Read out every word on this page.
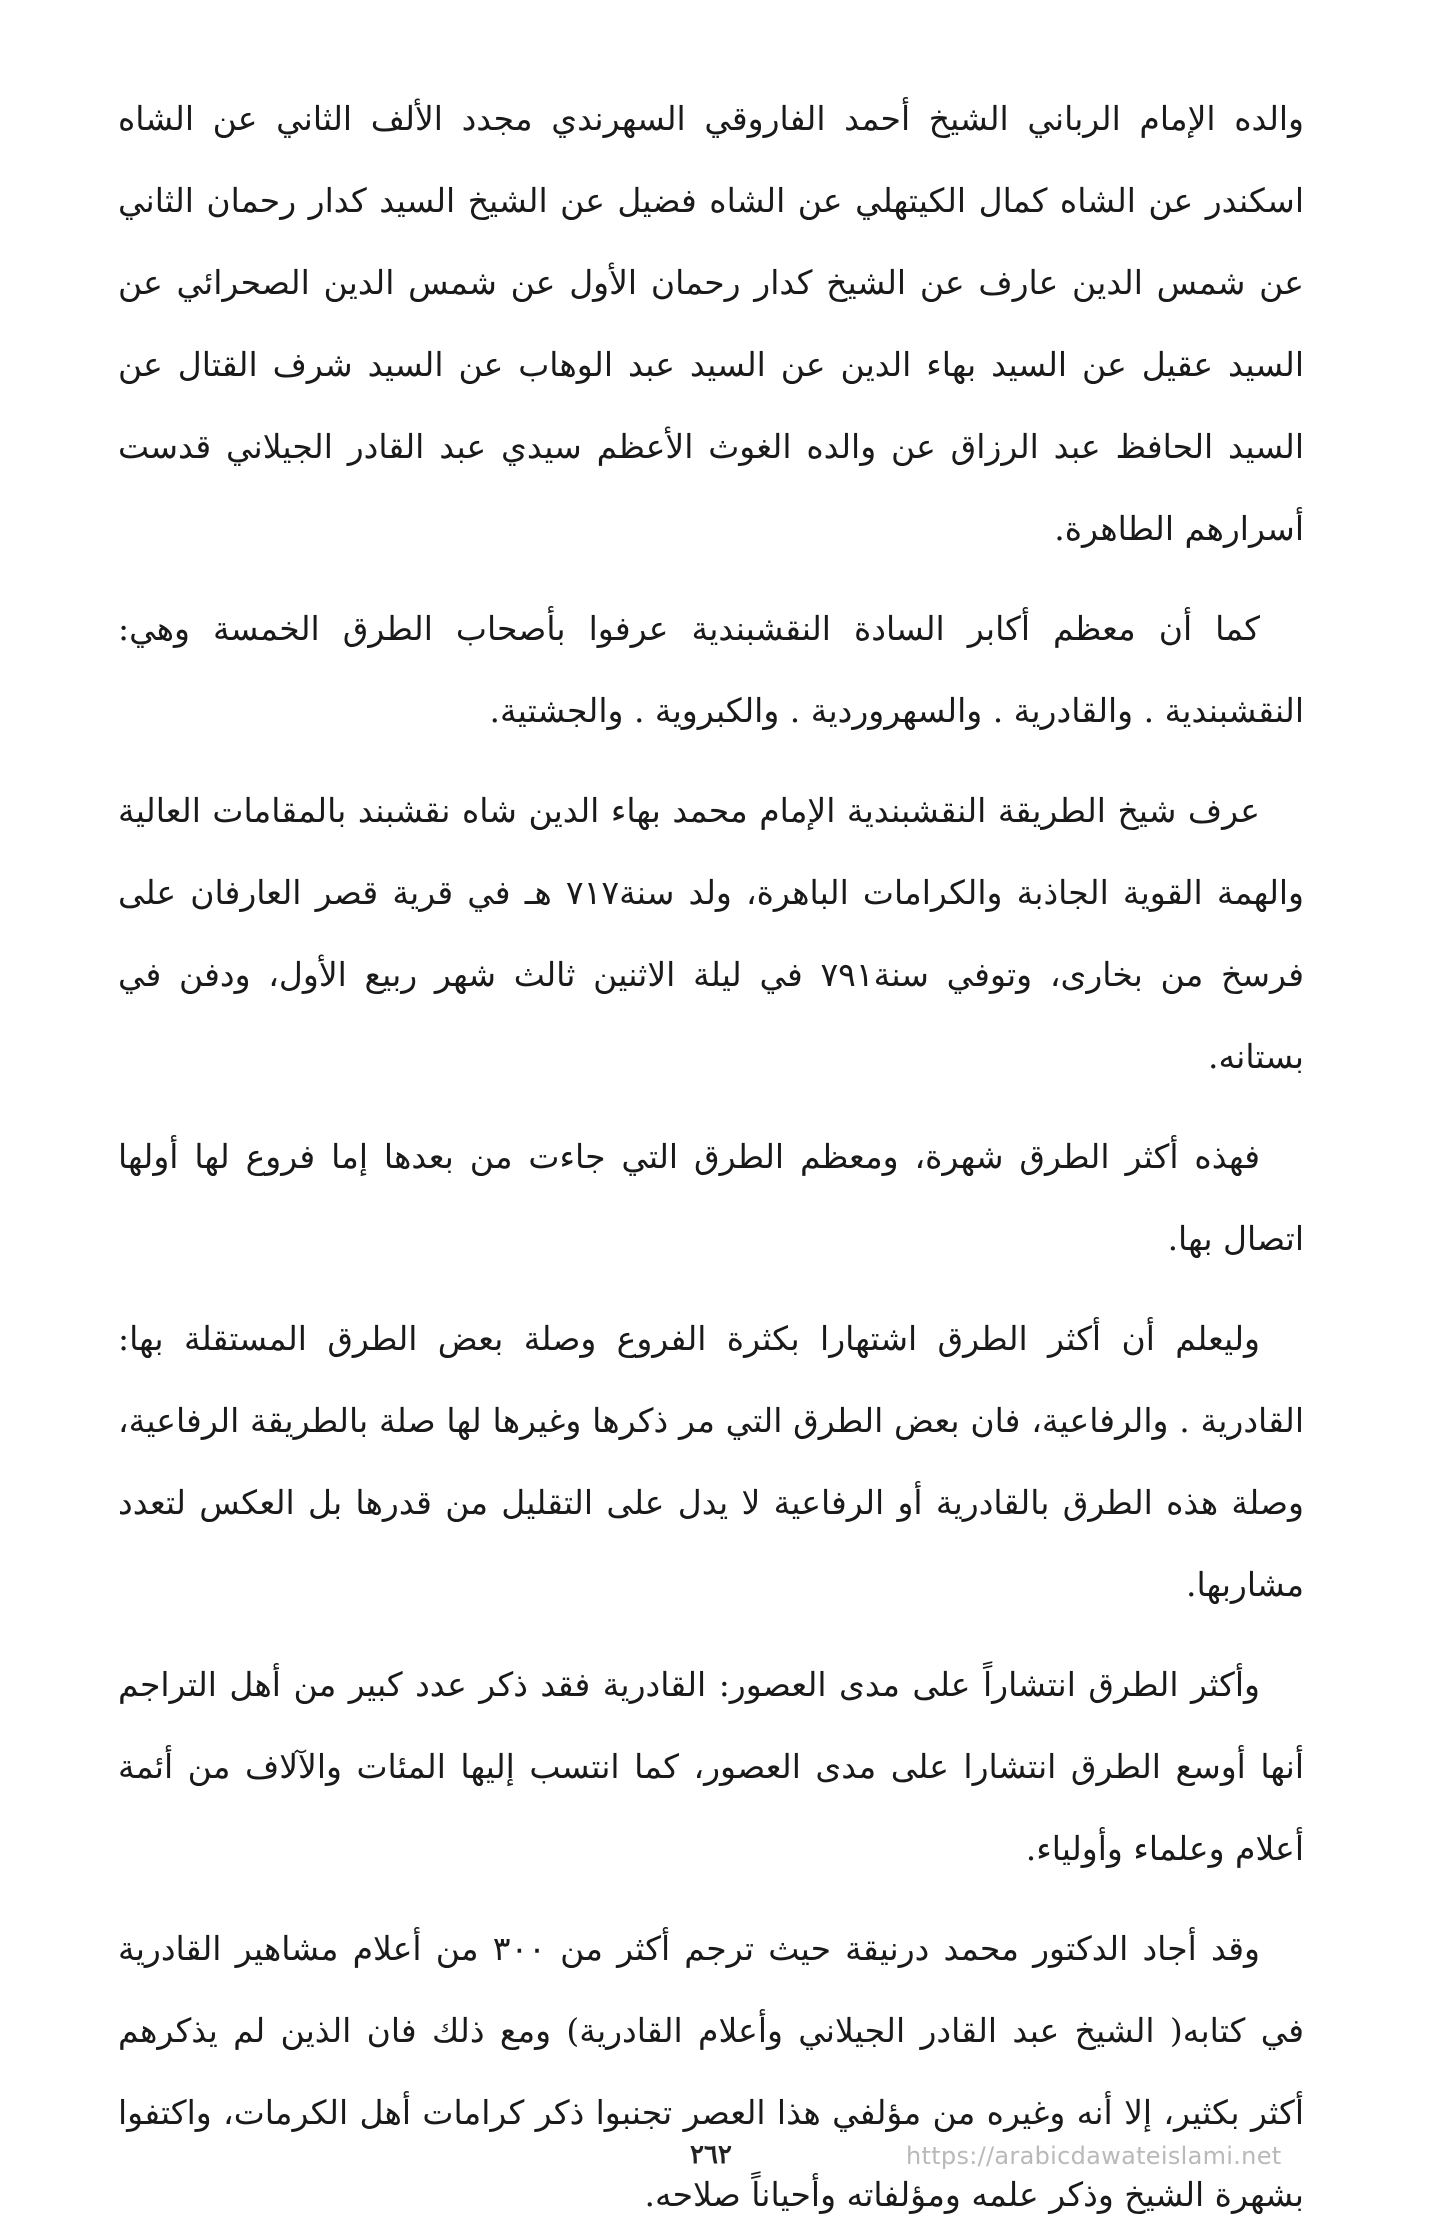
والده الإمام الرباني الشيخ أحمد الفاروقي السهرندي مجدد الألف الثاني عن الشاه اسكندر عن الشاه كمال الكيتهلي عن الشاه فضيل عن الشيخ السيد كدار رحمان الثاني عن شمس الدين عارف عن الشيخ كدار رحمان الأول عن شمس الدين الصحرائي عن السيد عقيل عن السيد بهاء الدين عن السيد عبد الوهاب عن السيد شرف القتال عن السيد الحافظ عبد الرزاق عن والده الغوث الأعظم سيدي عبد القادر الجيلاني قدست أسرارهم الطاهرة.

كما أن معظم أكابر السادة النقشبندية عرفوا بأصحاب الطرق الخمسة وهي: النقشبندية . والقادرية . والسهروردية . والكبروية . والجشتية.

عرف شيخ الطريقة النقشبندية الإمام محمد بهاء الدين شاه نقشبند بالمقامات العالية والهمة القوية الجاذبة والكرامات الباهرة، ولد سنة٧١٧ هـ في قرية قصر العارفان على فرسخ من بخارى، وتوفي سنة٧٩١ في ليلة الاثنين ثالث شهر ربيع الأول، ودفن في بستانه.

فهذه أكثر الطرق شهرة، ومعظم الطرق التي جاءت من بعدها إما فروع لها أولها اتصال بها.

وليعلم أن أكثر الطرق اشتهارا بكثرة الفروع وصلة بعض الطرق المستقلة بها: القادرية . والرفاعية، فان بعض الطرق التي مر ذكرها وغيرها لها صلة بالطريقة الرفاعية، وصلة هذه الطرق بالقادرية أو الرفاعية لا يدل على التقليل من قدرها بل العكس لتعدد مشاربها.

وأكثر الطرق انتشاراً على مدى العصور: القادرية فقد ذكر عدد كبير من أهل التراجم أنها أوسع الطرق انتشارا على مدى العصور، كما انتسب إليها المئات والآلاف من أئمة أعلام وعلماء وأولياء.

وقد أجاد الدكتور محمد درنيقة حيث ترجم أكثر من ٣٠٠ من أعلام مشاهير القادرية في كتابه( الشيخ عبد القادر الجيلاني وأعلام القادرية) ومع ذلك فان الذين لم يذكرهم أكثر بكثير، إلا أنه وغيره من مؤلفي هذا العصر تجنبوا ذكر كرامات أهل الكرمات، واكتفوا بشهرة الشيخ وذكر علمه ومؤلفاته وأحياناً صلاحه.

٢٦٢	https://arabicdawateislami.net
